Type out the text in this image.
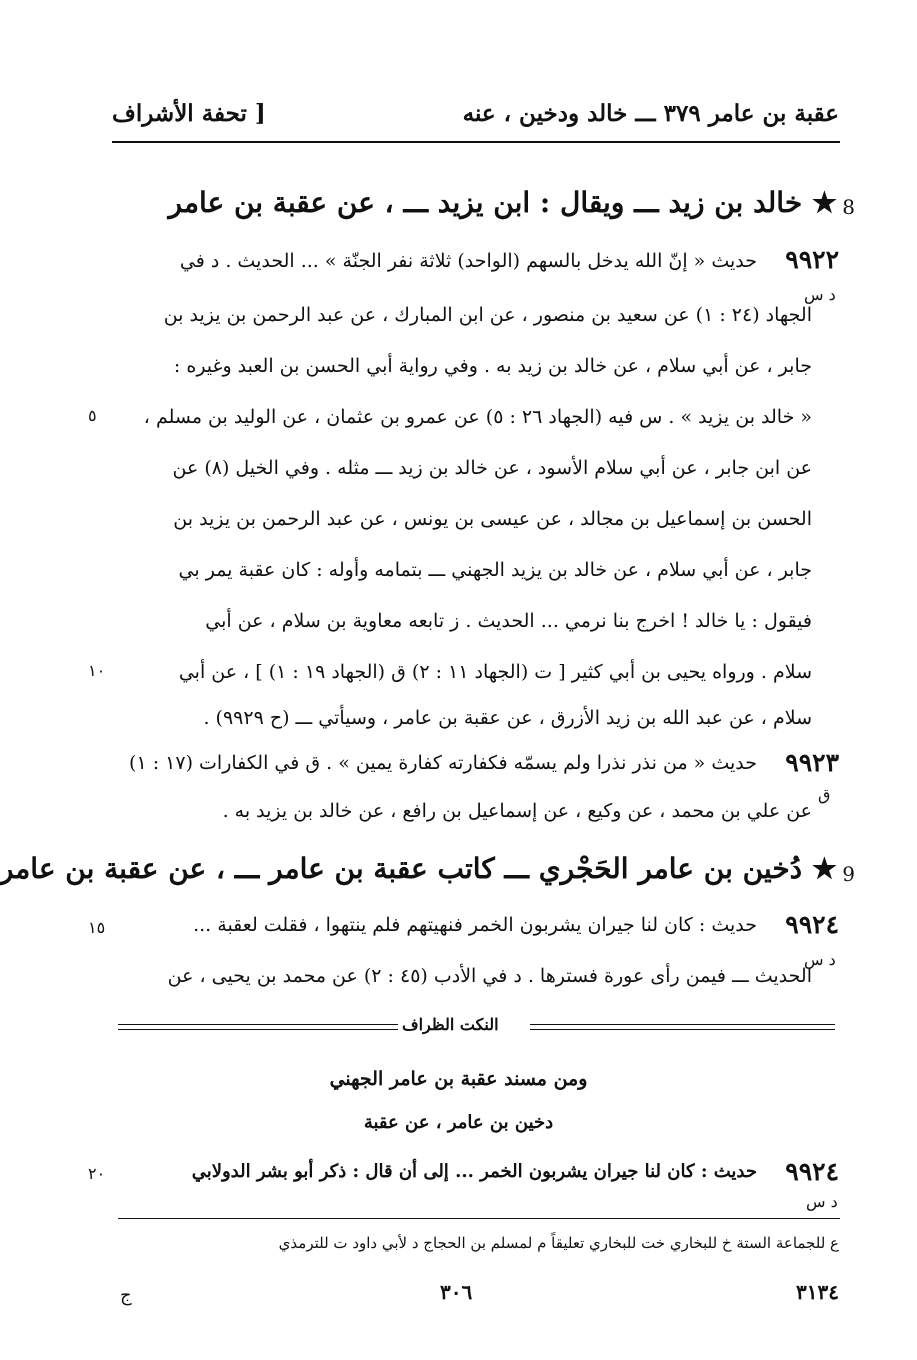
عقبة بن عامر ٣٧٩ ـــ خالد ودخين ، عنه
[ تحفة الأشراف
8
★ خالد بن زيد ـــ ويقال : ابن يزيد ـــ ، عن عقبة بن عامر
٩٩٢٢
د س
حديث « إنّ الله يدخل بالسهم (الواحد) ثلاثة نفر الجنّة » ... الحديث . د في
الجهاد (٢٤ : ١) عن سعيد بن منصور ، عن ابن المبارك ، عن عبد الرحمن بن يزيد بن
جابر ، عن أبي سلام ، عن خالد بن زيد به . وفي رواية أبي الحسن بن العبد وغيره :
« خالد بن يزيد » . س فيه (الجهاد ٢٦ : ٥) عن عمرو بن عثمان ، عن الوليد بن مسلم ،
٥
عن ابن جابر ، عن أبي سلام الأسود ، عن خالد بن زيد ـــ مثله . وفي الخيل (٨) عن
الحسن بن إسماعيل بن مجالد ، عن عيسى بن يونس ، عن عبد الرحمن بن يزيد بن
جابر ، عن أبي سلام ، عن خالد بن يزيد الجهني ـــ بتمامه وأوله : كان عقبة يمر بي
فيقول : يا خالد ! اخرج بنا نرمي ... الحديث . ز تابعه معاوية بن سلام ، عن أبي
سلام . ورواه يحيى بن أبي كثير [ ت (الجهاد ١١ : ٢) ق (الجهاد ١٩ : ١) ] ، عن أبي
١٠
سلام ، عن عبد الله بن زيد الأزرق ، عن عقبة بن عامر ، وسيأتي ـــ (ح ٩٩٢٩) .
٩٩٢٣
حديث « من نذر نذرا ولم يسمّه فكفارته كفارة يمين » . ق في الكفارات (١٧ : ١)
ق
عن علي بن محمد ، عن وكيع ، عن إسماعيل بن رافع ، عن خالد بن يزيد به .
9
★ دُخين بن عامر الحَجْري ـــ كاتب عقبة بن عامر ـــ ، عن عقبة بن عامر
٩٩٢٤
حديث : كان لنا جيران يشربون الخمر فنهيتهم فلم ينتهوا ، فقلت لعقبة ...
١٥
د س
الحديث ـــ فيمن رأى عورة فسترها . د في الأدب (٤٥ : ٢) عن محمد بن يحيى ، عن
النكت الظراف
ومن مسند عقبة بن عامر الجهني
دخين بن عامر ، عن عقبة
٩٩٢٤
حديث : كان لنا جيران يشربون الخمر ... إلى أن قال : ذكر أبو بشر الدولابي
٢٠
د س
ع للجماعة الستة خ للبخاري خت للبخاري تعليقاً م لمسلم بن الحجاج د لأبي داود ت للترمذي
٣١٣٤
٣٠٦
ج
